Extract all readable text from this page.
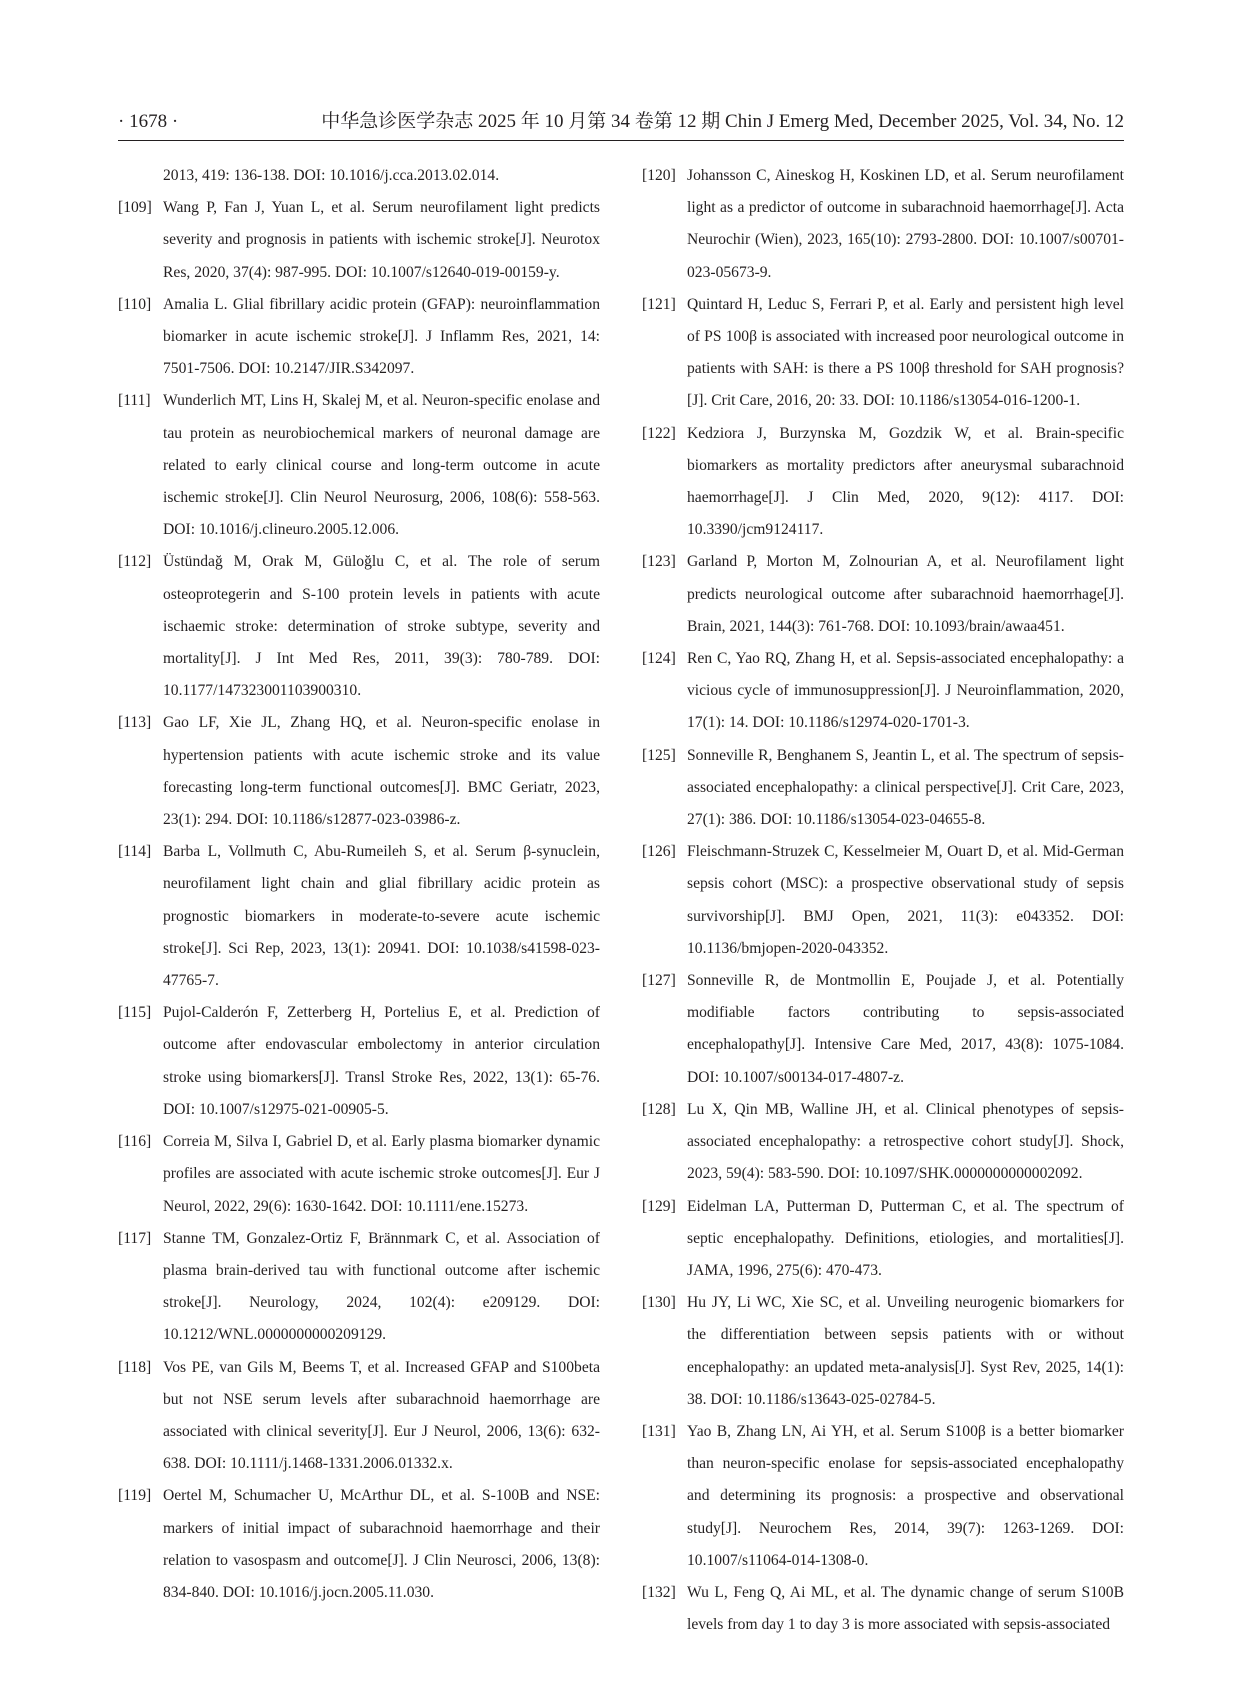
· 1678 ·	中华急诊医学杂志 2025 年 10 月第 34 卷第 12 期 Chin J Emerg Med, December 2025, Vol. 34, No. 12
2013, 419: 136-138. DOI: 10.1016/j.cca.2013.02.014.
[109] Wang P, Fan J, Yuan L, et al. Serum neurofilament light predicts severity and prognosis in patients with ischemic stroke[J]. Neurotox Res, 2020, 37(4): 987-995. DOI: 10.1007/s12640-019-00159-y.
[110] Amalia L. Glial fibrillary acidic protein (GFAP): neuroinflammation biomarker in acute ischemic stroke[J]. J Inflamm Res, 2021, 14: 7501-7506. DOI: 10.2147/JIR.S342097.
[111] Wunderlich MT, Lins H, Skalej M, et al. Neuron-specific enolase and tau protein as neurobiochemical markers of neuronal damage are related to early clinical course and long-term outcome in acute ischemic stroke[J]. Clin Neurol Neurosurg, 2006, 108(6): 558-563. DOI: 10.1016/j.clineuro.2005.12.006.
[112] Üstündağ M, Orak M, Güloğlu C, et al. The role of serum osteoprotegerin and S-100 protein levels in patients with acute ischaemic stroke: determination of stroke subtype, severity and mortality[J]. J Int Med Res, 2011, 39(3): 780-789. DOI: 10.1177/147323001103900310.
[113] Gao LF, Xie JL, Zhang HQ, et al. Neuron-specific enolase in hypertension patients with acute ischemic stroke and its value forecasting long-term functional outcomes[J]. BMC Geriatr, 2023, 23(1): 294. DOI: 10.1186/s12877-023-03986-z.
[114] Barba L, Vollmuth C, Abu-Rumeileh S, et al. Serum β-synuclein, neurofilament light chain and glial fibrillary acidic protein as prognostic biomarkers in moderate-to-severe acute ischemic stroke[J]. Sci Rep, 2023, 13(1): 20941. DOI: 10.1038/s41598-023-47765-7.
[115] Pujol-Calderón F, Zetterberg H, Portelius E, et al. Prediction of outcome after endovascular embolectomy in anterior circulation stroke using biomarkers[J]. Transl Stroke Res, 2022, 13(1): 65-76. DOI: 10.1007/s12975-021-00905-5.
[116] Correia M, Silva I, Gabriel D, et al. Early plasma biomarker dynamic profiles are associated with acute ischemic stroke outcomes[J]. Eur J Neurol, 2022, 29(6): 1630-1642. DOI: 10.1111/ene.15273.
[117] Stanne TM, Gonzalez-Ortiz F, Brännmark C, et al. Association of plasma brain-derived tau with functional outcome after ischemic stroke[J]. Neurology, 2024, 102(4): e209129. DOI: 10.1212/WNL.0000000000209129.
[118] Vos PE, van Gils M, Beems T, et al. Increased GFAP and S100beta but not NSE serum levels after subarachnoid haemorrhage are associated with clinical severity[J]. Eur J Neurol, 2006, 13(6): 632-638. DOI: 10.1111/j.1468-1331.2006.01332.x.
[119] Oertel M, Schumacher U, McArthur DL, et al. S-100B and NSE: markers of initial impact of subarachnoid haemorrhage and their relation to vasospasm and outcome[J]. J Clin Neurosci, 2006, 13(8): 834-840. DOI: 10.1016/j.jocn.2005.11.030.
[120] Johansson C, Aineskog H, Koskinen LD, et al. Serum neurofilament light as a predictor of outcome in subarachnoid haemorrhage[J]. Acta Neurochir (Wien), 2023, 165(10): 2793-2800. DOI: 10.1007/s00701-023-05673-9.
[121] Quintard H, Leduc S, Ferrari P, et al. Early and persistent high level of PS 100β is associated with increased poor neurological outcome in patients with SAH: is there a PS 100β threshold for SAH prognosis?[J]. Crit Care, 2016, 20: 33. DOI: 10.1186/s13054-016-1200-1.
[122] Kedziora J, Burzynska M, Gozdzik W, et al. Brain-specific biomarkers as mortality predictors after aneurysmal subarachnoid haemorrhage[J]. J Clin Med, 2020, 9(12): 4117. DOI: 10.3390/jcm9124117.
[123] Garland P, Morton M, Zolnourian A, et al. Neurofilament light predicts neurological outcome after subarachnoid haemorrhage[J]. Brain, 2021, 144(3): 761-768. DOI: 10.1093/brain/awaa451.
[124] Ren C, Yao RQ, Zhang H, et al. Sepsis-associated encephalopathy: a vicious cycle of immunosuppression[J]. J Neuroinflammation, 2020, 17(1): 14. DOI: 10.1186/s12974-020-1701-3.
[125] Sonneville R, Benghanem S, Jeantin L, et al. The spectrum of sepsis-associated encephalopathy: a clinical perspective[J]. Crit Care, 2023, 27(1): 386. DOI: 10.1186/s13054-023-04655-8.
[126] Fleischmann-Struzek C, Kesselmeier M, Ouart D, et al. Mid-German sepsis cohort (MSC): a prospective observational study of sepsis survivorship[J]. BMJ Open, 2021, 11(3): e043352. DOI: 10.1136/bmjopen-2020-043352.
[127] Sonneville R, de Montmollin E, Poujade J, et al. Potentially modifiable factors contributing to sepsis-associated encephalopathy[J]. Intensive Care Med, 2017, 43(8): 1075-1084. DOI: 10.1007/s00134-017-4807-z.
[128] Lu X, Qin MB, Walline JH, et al. Clinical phenotypes of sepsis-associated encephalopathy: a retrospective cohort study[J]. Shock, 2023, 59(4): 583-590. DOI: 10.1097/SHK.0000000000002092.
[129] Eidelman LA, Putterman D, Putterman C, et al. The spectrum of septic encephalopathy. Definitions, etiologies, and mortalities[J]. JAMA, 1996, 275(6): 470-473.
[130] Hu JY, Li WC, Xie SC, et al. Unveiling neurogenic biomarkers for the differentiation between sepsis patients with or without encephalopathy: an updated meta-analysis[J]. Syst Rev, 2025, 14(1): 38. DOI: 10.1186/s13643-025-02784-5.
[131] Yao B, Zhang LN, Ai YH, et al. Serum S100β is a better biomarker than neuron-specific enolase for sepsis-associated encephalopathy and determining its prognosis: a prospective and observational study[J]. Neurochem Res, 2014, 39(7): 1263-1269. DOI: 10.1007/s11064-014-1308-0.
[132] Wu L, Feng Q, Ai ML, et al. The dynamic change of serum S100B levels from day 1 to day 3 is more associated with sepsis-associated
